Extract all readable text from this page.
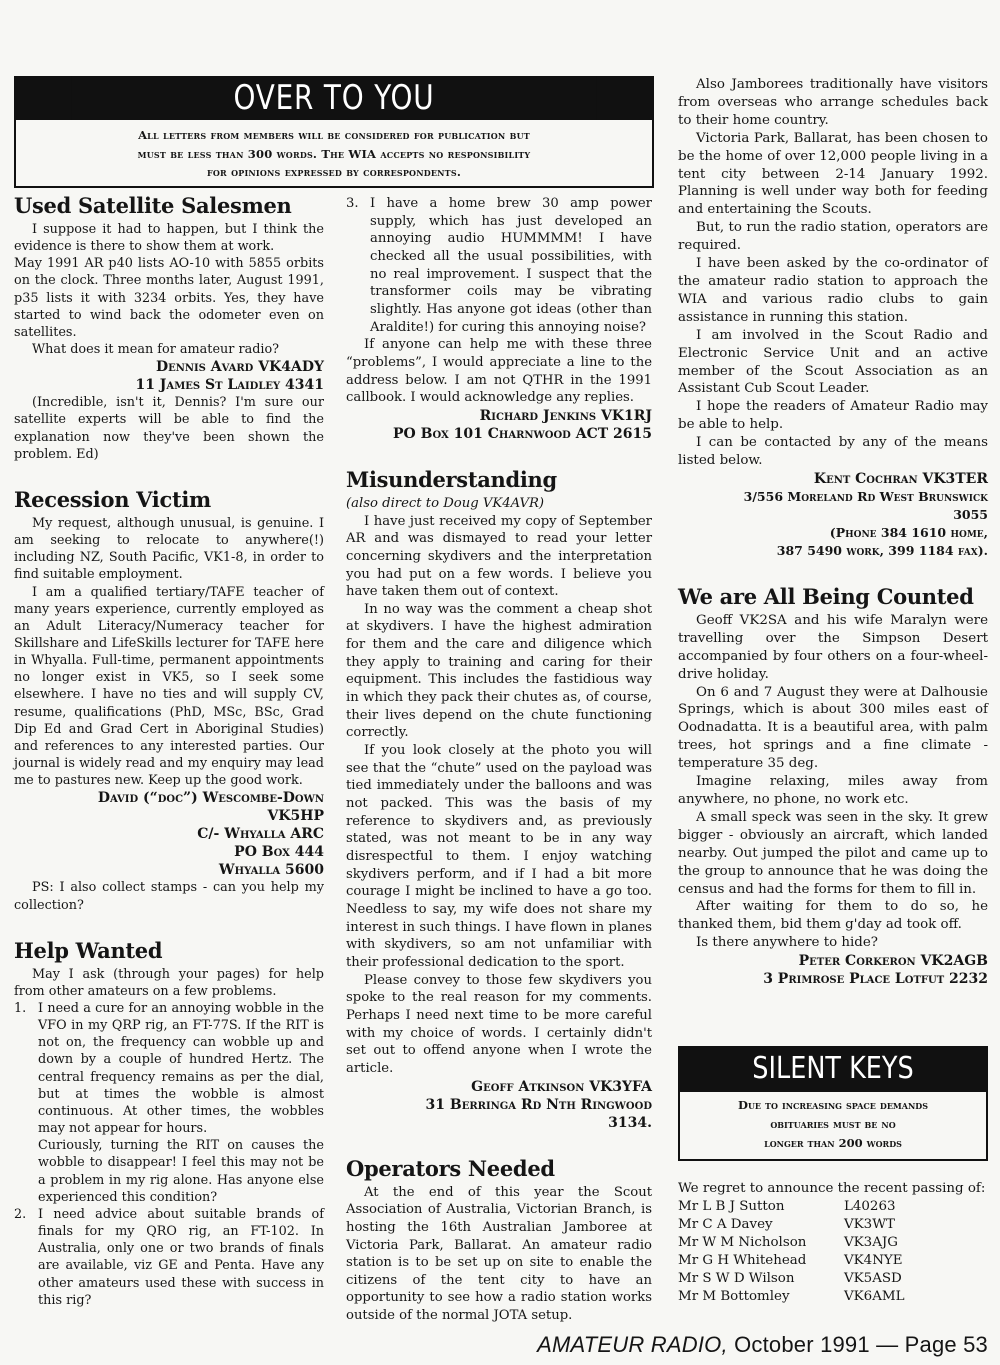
OVER TO YOU
All letters from members will be considered for publication but
must be less than 300 words. The WIA accepts no responsibility
for opinions expressed by correspondents.
Used Satellite Salesmen

I suppose it had to happen, but I think the evidence is there to show them at work.

May 1991 AR p40 lists AO-10 with 5855 orbits on the clock. Three months later, August 1991, p35 lists it with 3234 orbits. Yes, they have started to wind back the odometer even on satellites.

What does it mean for amateur radio?

Dennis Avard VK4ADY
11 James St Laidley 4341

(Incredible, isn't it, Dennis? I'm sure our satellite experts will be able to find the explanation now they've been shown the problem. Ed)

Recession Victim

My request, although unusual, is genuine. I am seeking to relocate to anywhere(!) including NZ, South Pacific, VK1-8, in order to find suitable employment.

I am a qualified tertiary/TAFE teacher of many years experience, currently employed as an Adult Literacy/Numeracy teacher for Skillshare and LifeSkills lecturer for TAFE here in Whyalla. Full-time, permanent appointments no longer exist in VK5, so I seek some elsewhere. I have no ties and will supply CV, resume, qualifications (PhD, MSc, BSc, Grad Dip Ed and Grad Cert in Aboriginal Studies) and references to any interested parties. Our journal is widely read and my enquiry may lead me to pastures new. Keep up the good work.

David (“doc”) Wescombe-Down
VK5HP
C/- Whyalla ARC
PO Box 444
Whyalla 5600

PS: I also collect stamps - can you help my collection?

Help Wanted

May I ask (through your pages) for help from other amateurs on a few problems.

1. I need a cure for an annoying wobble in the VFO in my QRP rig, an FT-77S. If the RIT is not on, the frequency can wobble up and down by a couple of hundred Hertz. The central frequency remains as per the dial, but at times the wobble is almost continuous. At other times, the wobbles may not appear for hours.

Curiously, turning the RIT on causes the wobble to disappear! I feel this may not be a problem in my rig alone. Has anyone else experienced this condition?

2. I need advice about suitable brands of finals for my QRO rig, an FT-102. In Australia, only one or two brands of finals are available, viz GE and Penta. Have any other amateurs used these with success in this rig?

3. I have a home brew 30 amp power supply, which has just developed an annoying audio HUMMMM! I have checked all the usual possibilities, with no real improvement. I suspect that the transformer coils may be vibrating slightly. Has anyone got ideas (other than Araldite!) for curing this annoying noise?

If anyone can help me with these three “problems”, I would appreciate a line to the address below. I am not QTHR in the 1991 callbook. I would acknowledge any replies.

Richard Jenkins VK1RJ
PO Box 101 Charnwood ACT 2615
Misunderstanding
(also direct to Doug VK4AVR)

I have just received my copy of September AR and was dismayed to read your letter concerning skydivers and the interpretation you had put on a few words. I believe you have taken them out of context.

In no way was the comment a cheap shot at skydivers. I have the highest admiration for them and the care and diligence which they apply to training and caring for their equipment. This includes the fastidious way in which they pack their chutes as, of course, their lives depend on the chute functioning correctly.

If you look closely at the photo you will see that the “chute” used on the payload was tied immediately under the balloons and was not packed. This was the basis of my reference to skydivers and, as previously stated, was not meant to be in any way disrespectful to them. I enjoy watching skydivers perform, and if I had a bit more courage I might be inclined to have a go too. Needless to say, my wife does not share my interest in such things. I have flown in planes with skydivers, so am not unfamiliar with their professional dedication to the sport.

Please convey to those few skydivers you spoke to the real reason for my comments. Perhaps I need next time to be more careful with my choice of words. I certainly didn't set out to offend anyone when I wrote the article.

Geoff Atkinson VK3YFA
31 Berringa Rd Nth Ringwood
3134.
Operators Needed

At the end of this year the Scout Association of Australia, Victorian Branch, is hosting the 16th Australian Jamboree at Victoria Park, Ballarat. An amateur radio station is to be set up on site to enable the citizens of the tent city to have an opportunity to see how a radio station works outside of the normal JOTA setup.

Also Jamborees traditionally have visitors from overseas who arrange schedules back to their home country.

Victoria Park, Ballarat, has been chosen to be the home of over 12,000 people living in a tent city between 2-14 January 1992. Planning is well under way both for feeding and entertaining the Scouts.

But, to run the radio station, operators are required.

I have been asked by the co-ordinator of the amateur radio station to approach the WIA and various radio clubs to gain assistance in running this station.

I am involved in the Scout Radio and Electronic Service Unit and an active member of the Scout Association as an Assistant Cub Scout Leader.

I hope the readers of Amateur Radio may be able to help.

I can be contacted by any of the means listed below.

Kent Cochran VK3TER
3/556 Moreland Rd West Brunswick
3055
(Phone 384 1610 home,
387 5490 work, 399 1184 fax).
We are All Being Counted

Geoff VK2SA and his wife Maralyn were travelling over the Simpson Desert accompanied by four others on a four-wheel-drive holiday.

On 6 and 7 August they were at Dalhousie Springs, which is about 300 miles east of Oodnadatta. It is a beautiful area, with palm trees, hot springs and a fine climate - temperature 35 deg.

Imagine relaxing, miles away from anywhere, no phone, no work etc.

A small speck was seen in the sky. It grew bigger - obviously an aircraft, which landed nearby. Out jumped the pilot and came up to the group to announce that he was doing the census and had the forms for them to fill in.

After waiting for them to do so, he thanked them, bid them g'day ad took off.

Is there anywhere to hide?

Peter Corkeron VK2AGB
3 Primrose Place Lotfut 2232
SILENT KEYS
Due to increasing space demands
obituaries must be no
longer than 200 words
We regret to announce the recent passing of:
Mr L B J Sutton	L40263
Mr C A Davey	VK3WT
Mr W M Nicholson	VK3AJG
Mr G H Whitehead	VK4NYE
Mr S W D Wilson	VK5ASD
Mr M Bottomley	VK6AML
AMATEUR RADIO, October 1991 — Page 53
